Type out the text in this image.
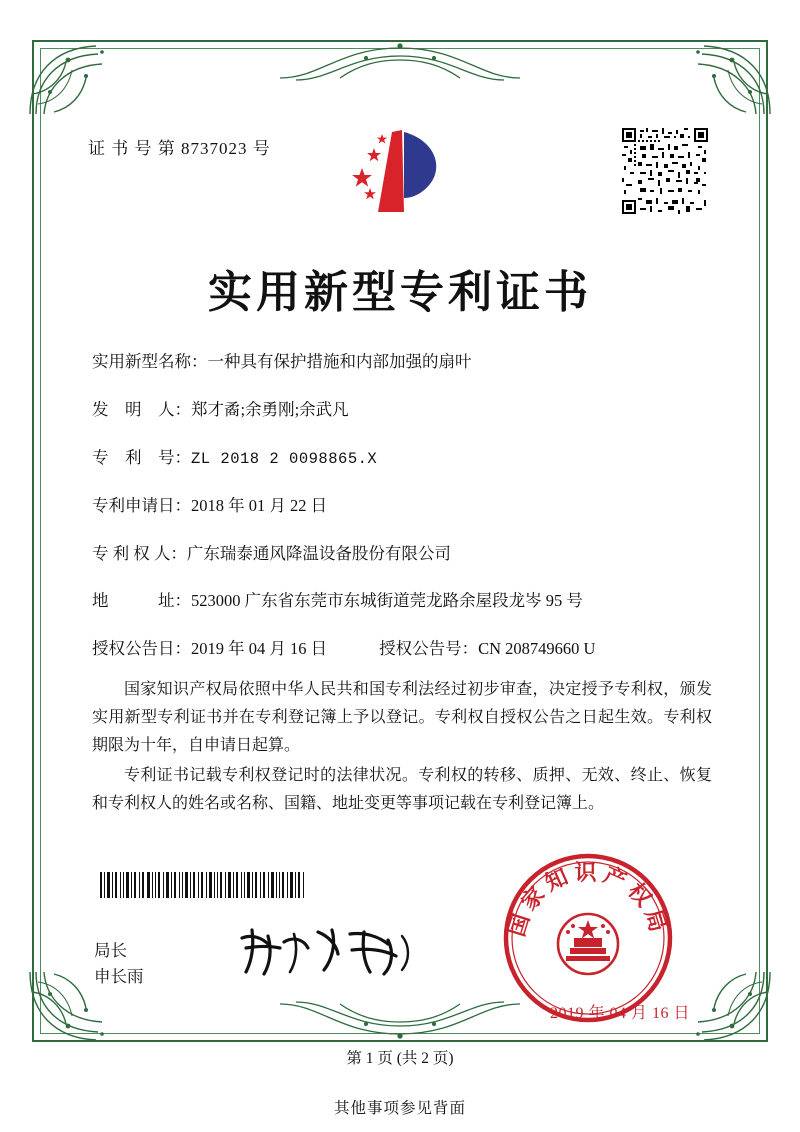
证 书 号 第 8737023 号
实用新型专利证书
实用新型名称： 一种具有保护措施和内部加强的扇叶
发　明　人： 郑才矞;余勇刚;余武凡
专　利　号： ZL 2018 2 0098865.X
专利申请日： 2018 年 01 月 22 日
专 利 权 人： 广东瑞泰通风降温设备股份有限公司
地　　　址： 523000 广东省东莞市东城街道莞龙路余屋段龙岑 95 号
授权公告日： 2019 年 04 月 16 日	授权公告号： CN 208749660 U

国家知识产权局依照中华人民共和国专利法经过初步审查，决定授予专利权，颁发实用新型专利证书并在专利登记簿上予以登记。专利权自授权公告之日起生效。专利权期限为十年，自申请日起算。

专利证书记载专利权登记时的法律状况。专利权的转移、质押、无效、终止、恢复和专利权人的姓名或名称、国籍、地址变更等事项记载在专利登记簿上。

局长
申长雨
国家知识产权局
2019 年 04 月 16 日
第 1 页 (共 2 页)
其他事项参见背面
